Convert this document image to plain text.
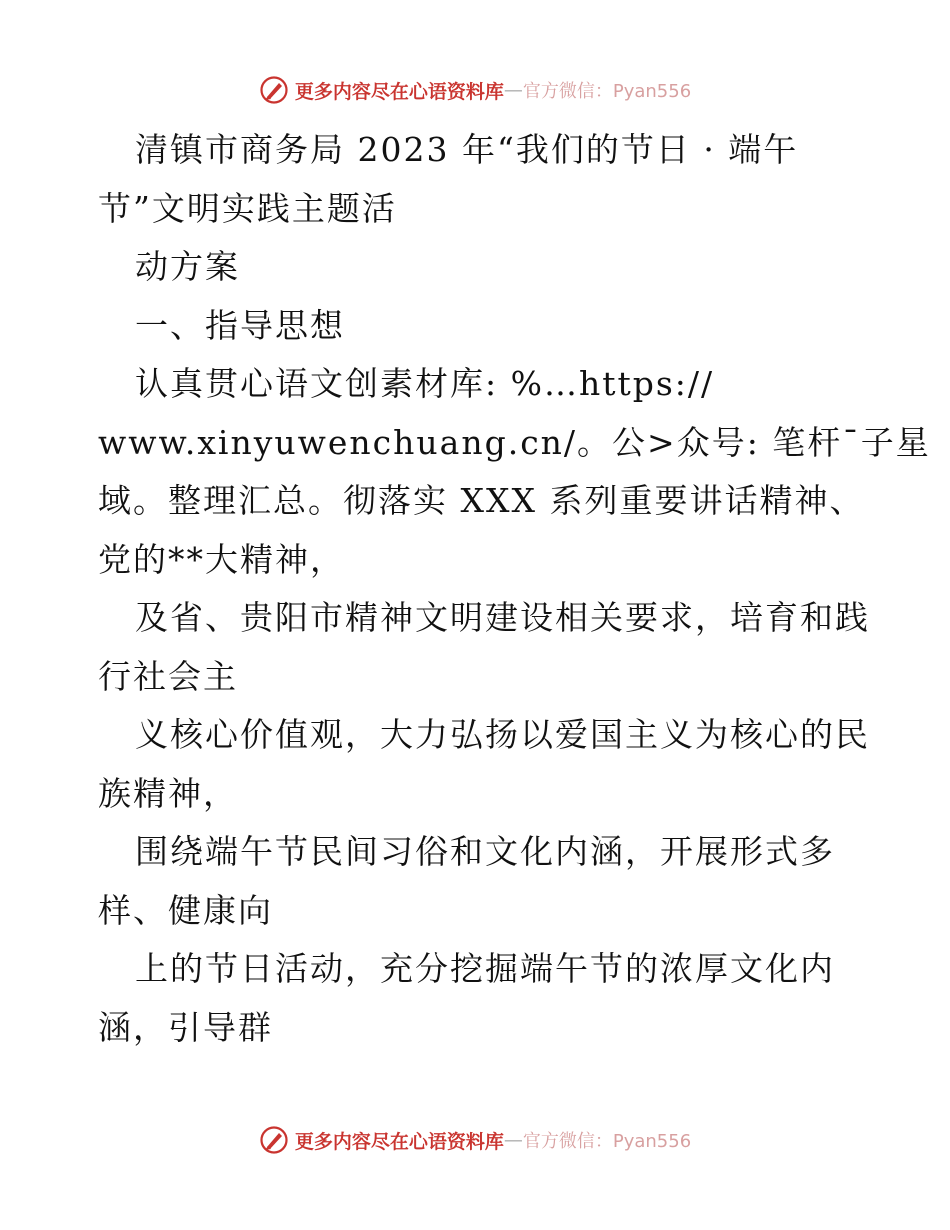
更多内容尽在心语资料库 — 官方微信：Pyan556
清镇市商务局 2023 年“我们的节日 · 端午
节”文明实践主题活
动方案
一、指导思想
认真贯心语文创素材库: %…https://
www.xinyuwenchuang.cn/。公>众号: 笔杆¯子星
域。整理汇总。彻落实 XXX 系列重要讲话精神、
党的**大精神，
及省、贵阳市精神文明建设相关要求，培育和践
行社会主
义核心价值观，大力弘扬以爱国主义为核心的民
族精神，
围绕端午节民间习俗和文化内涵，开展形式多
样、健康向
上的节日活动，充分挖掘端午节的浓厚文化内
涵，引导群
更多内容尽在心语资料库 — 官方微信：Pyan556
